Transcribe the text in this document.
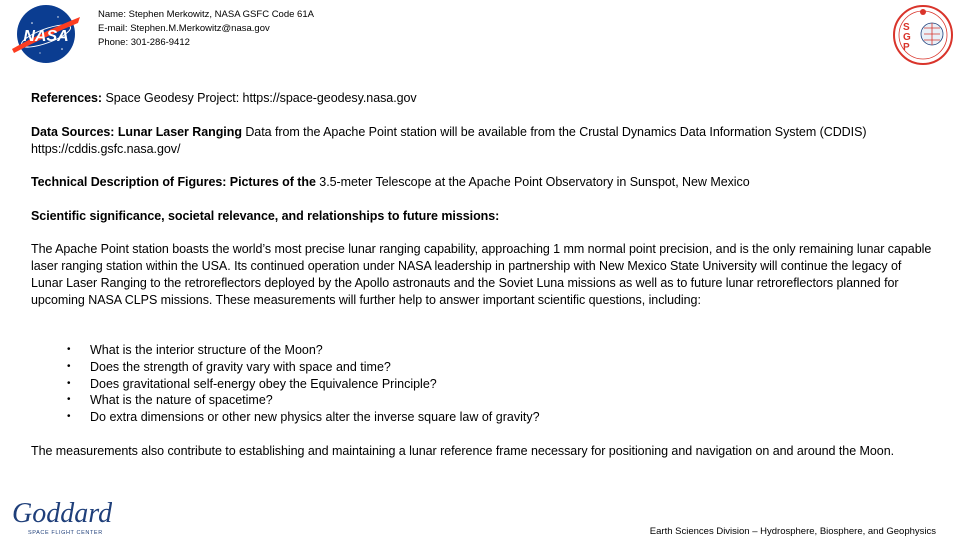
NASA
Name: Stephen Merkowitz, NASA GSFC Code 61A
E-mail: Stephen.M.Merkowitz@nasa.gov
Phone: 301-286-9412
S G P
References: Space Geodesy Project: https://space-geodesy.nasa.gov
Data Sources: Lunar Laser Ranging Data from the Apache Point station will be available from the Crustal Dynamics Data Information System (CDDIS) https://cddis.gsfc.nasa.gov/
Technical Description of Figures: Pictures of the 3.5-meter Telescope at the Apache Point Observatory in Sunspot, New Mexico
Scientific significance, societal relevance, and relationships to future missions:
The Apache Point station boasts the world’s most precise lunar ranging capability, approaching 1 mm normal point precision, and is the only remaining lunar capable laser ranging station within the USA. Its continued operation under NASA leadership in partnership with New Mexico State University will continue the legacy of Lunar Laser Ranging to the retroreflectors deployed by the Apollo astronauts and the Soviet Luna missions as well as to future lunar retroreflectors planned for upcoming NASA CLPS missions. These measurements will further help to answer important scientific questions, including:
• What is the interior structure of the Moon?
• Does the strength of gravity vary with space and time?
• Does gravitational self-energy obey the Equivalence Principle?
• What is the nature of spacetime?
• Do extra dimensions or other new physics alter the inverse square law of gravity?
The measurements also contribute to establishing and maintaining a lunar reference frame necessary for positioning and navigation on and around the Moon.
Goddard
SPACE FLIGHT CENTER	Earth Sciences Division – Hydrosphere, Biosphere, and Geophysics
